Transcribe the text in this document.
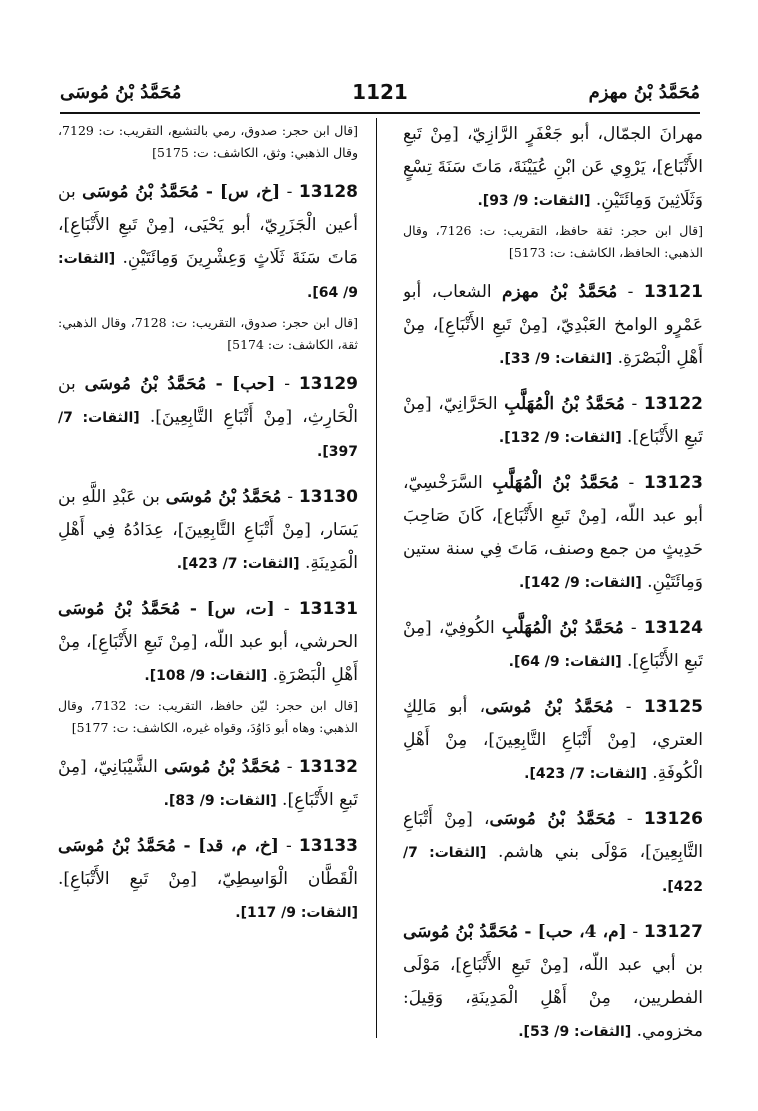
مُحَمَّدُ بْنُ مهزم
1121
مُحَمَّدُ بْنُ مُوسَى

مهرانَ الجمّال، أبو جَعْفَرٍ الرَّازِيّ، [مِنْ تَبعِ الأَتْبَاع]، يَرْوِي عَن ابْنِ عُيَيْنَةَ، مَاتَ سَنَةَ تِسْعٍ وَثَلَاثِينَ وَمِائَتَيْنِ. [الثقات: 9/ 93].

[قال ابن حجر: ثقة حافظ، التقريب: ت: 7126، وقال الذهبي: الحافظ، الكاشف: ت: 5173]

13121 - مُحَمَّدُ بْنُ مهزم الشعاب، أبو عَمْرٍو الوامخ العَبْدِيّ، [مِنْ تَبعِ الأَتْبَاعِ]، مِنْ أَهْلِ الْبَصْرَةِ. [الثقات: 9/ 33].

13122 - مُحَمَّدُ بْنُ الْمُهَلَّبِ الحَرَّانِيّ، [مِنْ تَبعِ الأَتْبَاع]. [الثقات: 9/ 132].

13123 - مُحَمَّدُ بْنُ الْمُهَلَّبِ السَّرَخْسِيّ، أبو عبد اللّه، [مِنْ تَبعِ الأَتْبَاع]، كَانَ صَاحِبَ حَدِيثٍ من جمع وصنف، مَاتَ فِي سنة ستين وَمِائَتَيْنِ. [الثقات: 9/ 142].

13124 - مُحَمَّدُ بْنُ الْمُهَلَّبِ الكُوفِيّ، [مِنْ تَبعِ الأَتْبَاعِ]. [الثقات: 9/ 64].

13125 - مُحَمَّدُ بْنُ مُوسَى، أبو مَالِكٍ العتري، [مِنْ أَتْبَاعِ التَّابِعِينَ]، مِنْ أَهْلِ الْكُوفَةِ. [الثقات: 7/ 423].

13126 - مُحَمَّدُ بْنُ مُوسَى، [مِنْ أَتْبَاعِ التَّابِعِينَ]، مَوْلَى بني هاشم. [الثقات: 7/ 422].

13127 - [م، 4، حب] - مُحَمَّدُ بْنُ مُوسَى بن أبي عبد اللّه، [مِنْ تَبعِ الأَتْبَاعِ]، مَوْلَى الفطريين، مِنْ أَهْلِ الْمَدِينَةِ، وَقِيلَ: مخزومي. [الثقات: 9/ 53].

[قال ابن حجر: صدوق، رمي بالتشيع، التقريب: ت: 7129، وقال الذهبي: وثق، الكاشف: ت: 5175]

13128 - [خ، س] - مُحَمَّدُ بْنُ مُوسَى بن أعين الْجَزَرِيّ، أبو يَحْيَى، [مِنْ تَبعِ الأَتْبَاعِ]، مَاتَ سَنَةَ ثَلَاثٍ وَعِشْرِينَ وَمِائَتَيْنِ. [الثقات: 9/ 64].

[قال ابن حجر: صدوق، التقريب: ت: 7128، وقال الذهبي: ثقة، الكاشف: ت: 5174]

13129 - [حب] - مُحَمَّدُ بْنُ مُوسَى بن الْحَارِثِ، [مِنْ أَتْبَاعِ التَّابِعِينَ]. [الثقات: 7/ 397].

13130 - مُحَمَّدُ بْنُ مُوسَى بن عَبْدِ اللَّهِ بن يَسَار، [مِنْ أَتْبَاعِ التَّابِعِينَ]، عِدَادُهُ فِي أَهْلِ الْمَدِينَةِ. [الثقات: 7/ 423].

13131 - [ت، س] - مُحَمَّدُ بْنُ مُوسَى الحرشي، أبو عبد اللّه، [مِنْ تَبعِ الأَتْبَاعِ]، مِنْ أَهْلِ الْبَصْرَةِ. [الثقات: 9/ 108].

[قال ابن حجر: ليّن حافظ، التقريب: ت: 7132، وقال الذهبي: وهاه أبو دَاوُدَ، وقواه غيره، الكاشف: ت: 5177]

13132 - مُحَمَّدُ بْنُ مُوسَى الشَّيْبَانِيّ، [مِنْ تَبعِ الأَتْبَاعِ]. [الثقات: 9/ 83].

13133 - [خ، م، قد] - مُحَمَّدُ بْنُ مُوسَى الْقَطَّان الْوَاسِطِيّ، [مِنْ تَبعِ الأَتْبَاعِ]. [الثقات: 9/ 117].
